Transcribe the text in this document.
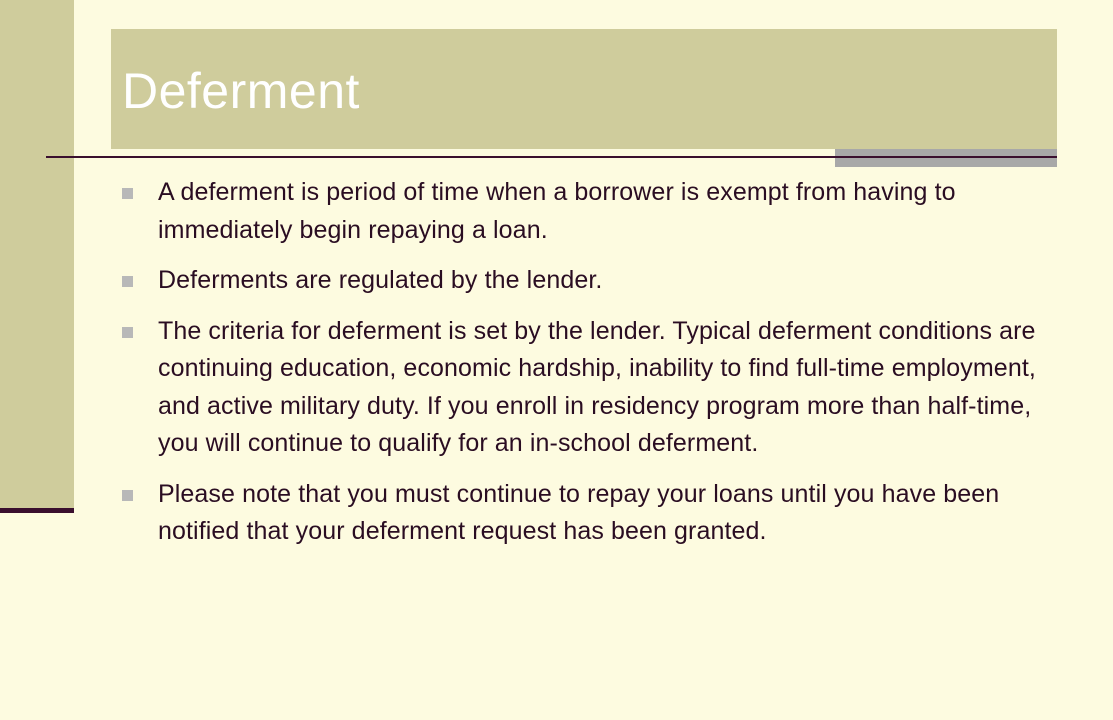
Deferment
A deferment is period of time when a borrower is exempt from having to immediately begin repaying a loan.
Deferments are regulated by the lender.
The criteria for deferment is set by the lender. Typical deferment conditions are continuing education, economic hardship, inability to find full-time employment, and active military duty. If you enroll in residency program more than half-time, you will continue to qualify for an in-school deferment.
Please note that you must continue to repay your loans until you have been notified that your deferment request has been granted.
